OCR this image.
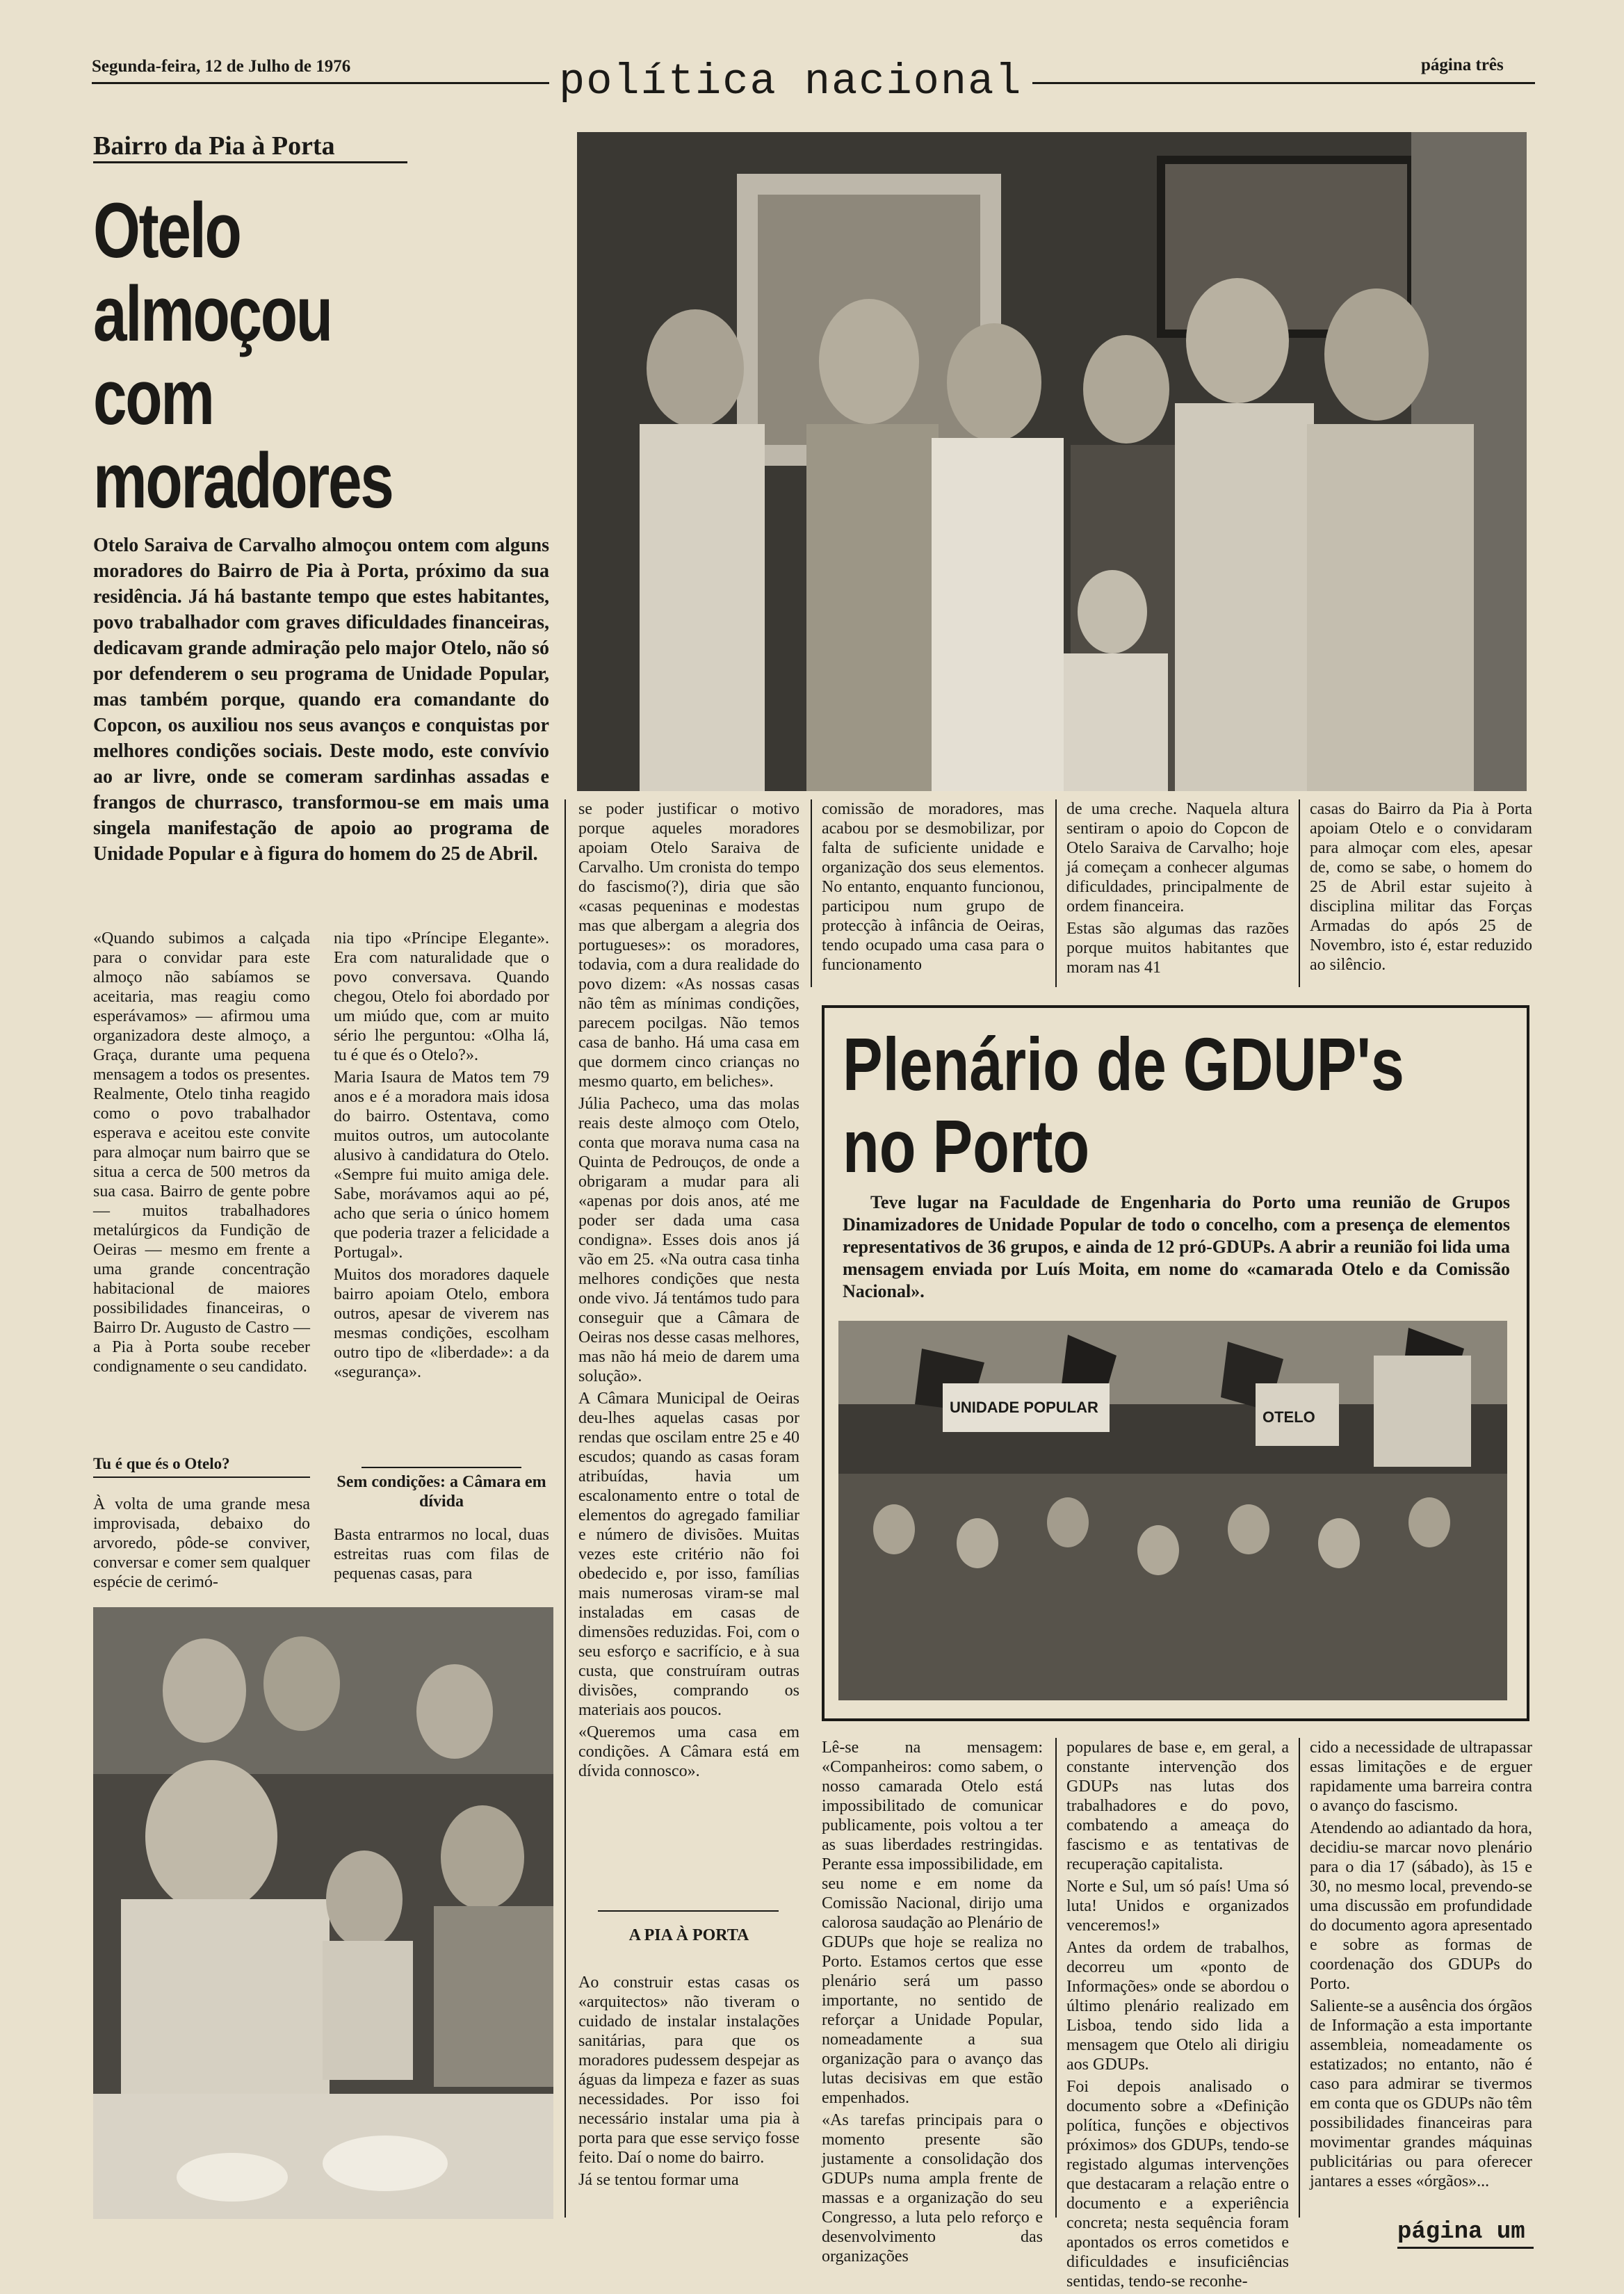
Segunda-feira, 12 de Julho de 1976	política nacional	página três
Bairro da Pia à Porta
Otelo
almoçou
com
moradores
Otelo Saraiva de Carvalho almoçou ontem com alguns moradores do Bairro de Pia à Porta, próximo da sua residência. Já há bastante tempo que estes habitantes, povo trabalhador com graves dificuldades financeiras, dedicavam grande admiração pelo major Otelo, não só por defenderem o seu programa de Unidade Popular, mas também porque, quando era comandante do Copcon, os auxiliou nos seus avanços e conquistas por melhores condições sociais. Deste modo, este convívio ao ar livre, onde se comeram sardinhas assadas e frangos de churrasco, transformou-se em mais uma singela manifestação de apoio ao programa de Unidade Popular e à figura do homem do 25 de Abril.

«Quando subimos a calçada para o convidar para este almoço não sabíamos se aceitaria, mas reagiu como esperávamos» — afirmou uma organizadora deste almoço, a Graça, durante uma pequena mensagem a todos os presentes. Realmente, Otelo tinha reagido como o povo trabalhador esperava e aceitou este convite para almoçar num bairro que se situa a cerca de 500 metros da sua casa. Bairro de gente pobre — muitos trabalhadores metalúrgicos da Fundição de Oeiras — mesmo em frente a uma grande concentração habitacional de maiores possibilidades financeiras, o Bairro Dr. Augusto de Castro — a Pia à Porta soube receber condignamente o seu candidato.

Tu é que és o Otelo?

À volta de uma grande mesa improvisada, debaixo do arvoredo, pôde-se conviver, conversar e comer sem qualquer espécie de cerimó-

nia tipo «Príncipe Elegante». Era com naturalidade que o povo conversava. Quando chegou, Otelo foi abordado por um miúdo que, com ar muito sério lhe perguntou: «Olha lá, tu é que és o Otelo?».

Maria Isaura de Matos tem 79 anos e é a moradora mais idosa do bairro. Ostentava, como muitos outros, um autocolante alusivo à candidatura do Otelo. «Sempre fui muito amiga dele. Sabe, morávamos aqui ao pé, acho que seria o único homem que poderia trazer a felicidade a Portugal».

Muitos dos moradores daquele bairro apoiam Otelo, embora outros, apesar de viverem nas mesmas condições, escolham outro tipo de «liberdade»: a da «segurança».

Sem condições: a Câmara em dívida

Basta entrarmos no local, duas estreitas ruas com filas de pequenas casas, para

se poder justificar o motivo porque aqueles moradores apoiam Otelo Saraiva de Carvalho. Um cronista do tempo do fascismo(?), diria que são «casas pequeninas e modestas mas que albergam a alegria dos portugueses»: os moradores, todavia, com a dura realidade do povo dizem: «As nossas casas não têm as mínimas condições, parecem pocilgas. Não temos casa de banho. Há uma casa em que dormem cinco crianças no mesmo quarto, em beliches».

Júlia Pacheco, uma das molas reais deste almoço com Otelo, conta que morava numa casa na Quinta de Pedrouços, de onde a obrigaram a mudar para ali «apenas por dois anos, até me poder ser dada uma casa condigna». Esses dois anos já vão em 25. «Na outra casa tinha melhores condições que nesta onde vivo. Já tentámos tudo para conseguir que a Câmara de Oeiras nos desse casas melhores, mas não há meio de darem uma solução».

A Câmara Municipal de Oeiras deu-lhes aquelas casas por rendas que oscilam entre 25 e 40 escudos; quando as casas foram atribuídas, havia um escalonamento entre o total de elementos do agregado familiar e número de divisões. Muitas vezes este critério não foi obedecido e, por isso, famílias mais numerosas viram-se mal instaladas em casas de dimensões reduzidas. Foi, com o seu esforço e sacrifício, e à sua custa, que construíram outras divisões, comprando os materiais aos poucos.

«Queremos uma casa em condições. A Câmara está em dívida connosco».

A PIA À PORTA

Ao construir estas casas os «arquitectos» não tiveram o cuidado de instalar instalações sanitárias, para que os moradores pudessem despejar as águas da limpeza e fazer as suas necessidades. Por isso foi necessário instalar uma pia à porta para que esse serviço fosse feito. Daí o nome do bairro.

Já se tentou formar uma

comissão de moradores, mas acabou por se desmobilizar, por falta de suficiente unidade e organização dos seus elementos. No entanto, enquanto funcionou, participou num grupo de protecção à infância de Oeiras, tendo ocupado uma casa para o funcionamento

de uma creche. Naquela altura sentiram o apoio do Copcon de Otelo Saraiva de Carvalho; hoje já começam a conhecer algumas dificuldades, principalmente de ordem financeira.

Estas são algumas das razões porque muitos habitantes que moram nas 41

casas do Bairro da Pia à Porta apoiam Otelo e o convidaram para almoçar com eles, apesar de, como se sabe, o homem do 25 de Abril estar sujeito à disciplina militar das Forças Armadas do após 25 de Novembro, isto é, estar reduzido ao silêncio.

Plenário de GDUP's
no Porto
Teve lugar na Faculdade de Engenharia do Porto uma reunião de Grupos Dinamizadores de Unidade Popular de todo o concelho, com a presença de elementos representativos de 36 grupos, e ainda de 12 pró-GDUPs. A abrir a reunião foi lida uma mensagem enviada por Luís Moita, em nome do «camarada Otelo e da Comissão Nacional».
UNIDADE POPULAR
OTELO

Lê-se na mensagem: «Companheiros: como sabem, o nosso camarada Otelo está impossibilitado de comunicar publicamente, pois voltou a ter as suas liberdades restringidas. Perante essa impossibilidade, em seu nome e em nome da Comissão Nacional, dirijo uma calorosa saudação ao Plenário de GDUPs que hoje se realiza no Porto. Estamos certos que esse plenário será um passo importante, no sentido de reforçar a Unidade Popular, nomeadamente a sua organização para o avanço das lutas decisivas em que estão empenhados.

«As tarefas principais para o momento presente são justamente a consolidação dos GDUPs numa ampla frente de massas e a organização do seu Congresso, a luta pelo reforço e desenvolvimento das organizações

populares de base e, em geral, a constante intervenção dos GDUPs nas lutas dos trabalhadores e do povo, combatendo a ameaça do fascismo e as tentativas de recuperação capitalista.

Norte e Sul, um só país! Uma só luta! Unidos e organizados venceremos!»

Antes da ordem de trabalhos, decorreu um «ponto de Informações» onde se abordou o último plenário realizado em Lisboa, tendo sido lida a mensagem que Otelo ali dirigiu aos GDUPs.

Foi depois analisado o documento sobre a «Definição política, funções e objectivos próximos» dos GDUPs, tendo-se registado algumas intervenções que destacaram a relação entre o documento e a experiência concreta; nesta sequência foram apontados os erros cometidos e dificuldades e insuficiências sentidas, tendo-se reconhe-

cido a necessidade de ultrapassar essas limitações e de erguer rapidamente uma barreira contra o avanço do fascismo.

Atendendo ao adiantado da hora, decidiu-se marcar novo plenário para o dia 17 (sábado), às 15 e 30, no mesmo local, prevendo-se uma discussão em profundidade do documento agora apresentado e sobre as formas de coordenação dos GDUPs do Porto.

Saliente-se a ausência dos órgãos de Informação a esta importante assembleia, nomeadamente os estatizados; no entanto, não é caso para admirar se tivermos em conta que os GDUPs não têm possibilidades financeiras para movimentar grandes máquinas publicitárias ou para oferecer jantares a esses «órgãos»...

página um
